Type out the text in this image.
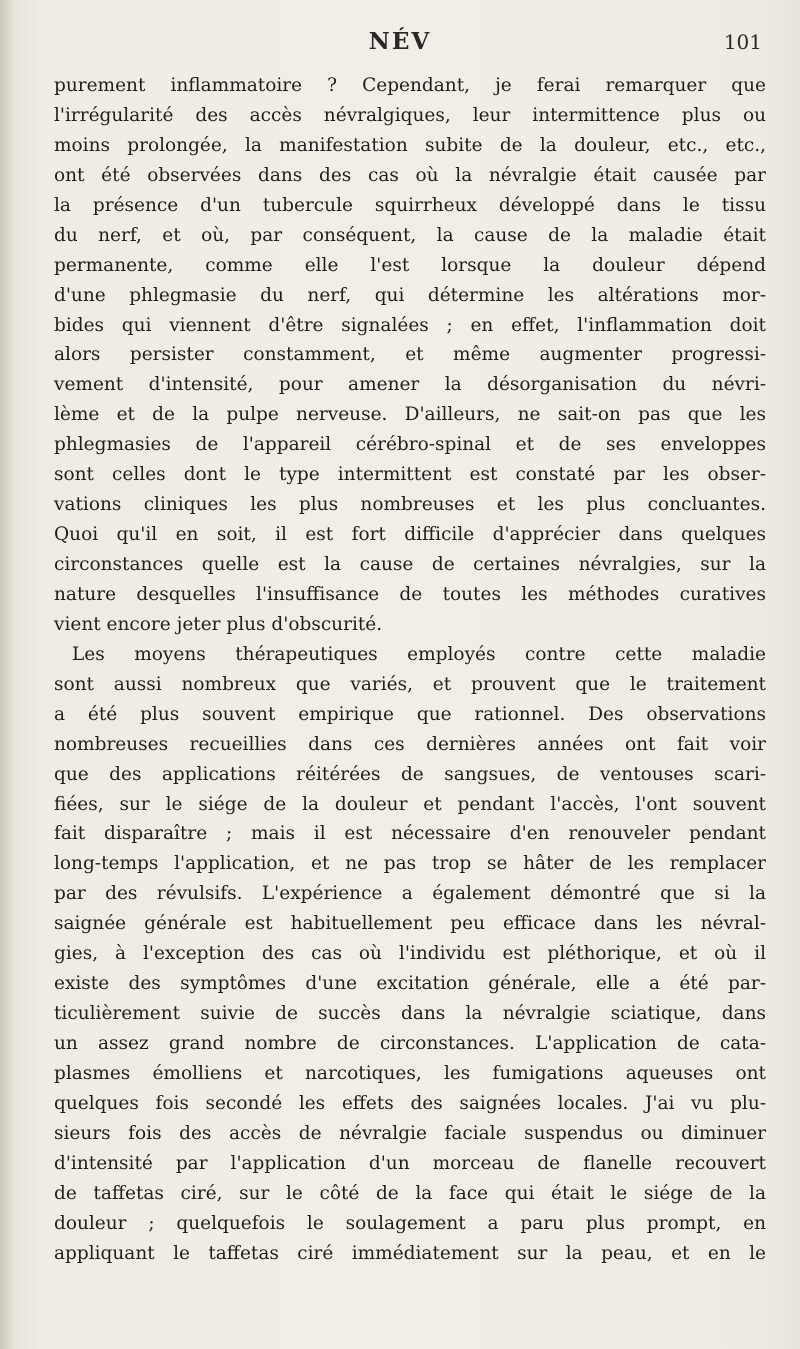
NÉV	101
purement inflammatoire ? Cependant, je ferai remarquer que
l'irrégularité des accès névralgiques, leur intermittence plus ou
moins prolongée, la manifestation subite de la douleur, etc., etc.,
ont été observées dans des cas où la névralgie était causée par
la présence d'un tubercule squirrheux développé dans le tissu
du nerf, et où, par conséquent, la cause de la maladie était
permanente, comme elle l'est lorsque la douleur dépend
d'une phlegmasie du nerf, qui détermine les altérations mor-
bides qui viennent d'être signalées ; en effet, l'inflammation doit
alors persister constamment, et même augmenter progressi-
vement d'intensité, pour amener la désorganisation du névri-
lème et de la pulpe nerveuse. D'ailleurs, ne sait-on pas que les
phlegmasies de l'appareil cérébro-spinal et de ses enveloppes
sont celles dont le type intermittent est constaté par les obser-
vations cliniques les plus nombreuses et les plus concluantes.
Quoi qu'il en soit, il est fort difficile d'apprécier dans quelques
circonstances quelle est la cause de certaines névralgies, sur la
nature desquelles l'insuffisance de toutes les méthodes curatives
vient encore jeter plus d'obscurité.
Les moyens thérapeutiques employés contre cette maladie
sont aussi nombreux que variés, et prouvent que le traitement
a été plus souvent empirique que rationnel. Des observations
nombreuses recueillies dans ces dernières années ont fait voir
que des applications réitérées de sangsues, de ventouses scari-
fiées, sur le siége de la douleur et pendant l'accès, l'ont souvent
fait disparaître ; mais il est nécessaire d'en renouveler pendant
long-temps l'application, et ne pas trop se hâter de les remplacer
par des révulsifs. L'expérience a également démontré que si la
saignée générale est habituellement peu efficace dans les névral-
gies, à l'exception des cas où l'individu est pléthorique, et où il
existe des symptômes d'une excitation générale, elle a été par-
ticulièrement suivie de succès dans la névralgie sciatique, dans
un assez grand nombre de circonstances. L'application de cata-
plasmes émolliens et narcotiques, les fumigations aqueuses ont
quelques fois secondé les effets des saignées locales. J'ai vu plu-
sieurs fois des accès de névralgie faciale suspendus ou diminuer
d'intensité par l'application d'un morceau de flanelle recouvert
de taffetas ciré, sur le côté de la face qui était le siége de la
douleur ; quelquefois le soulagement a paru plus prompt, en
appliquant le taffetas ciré immédiatement sur la peau, et en le
